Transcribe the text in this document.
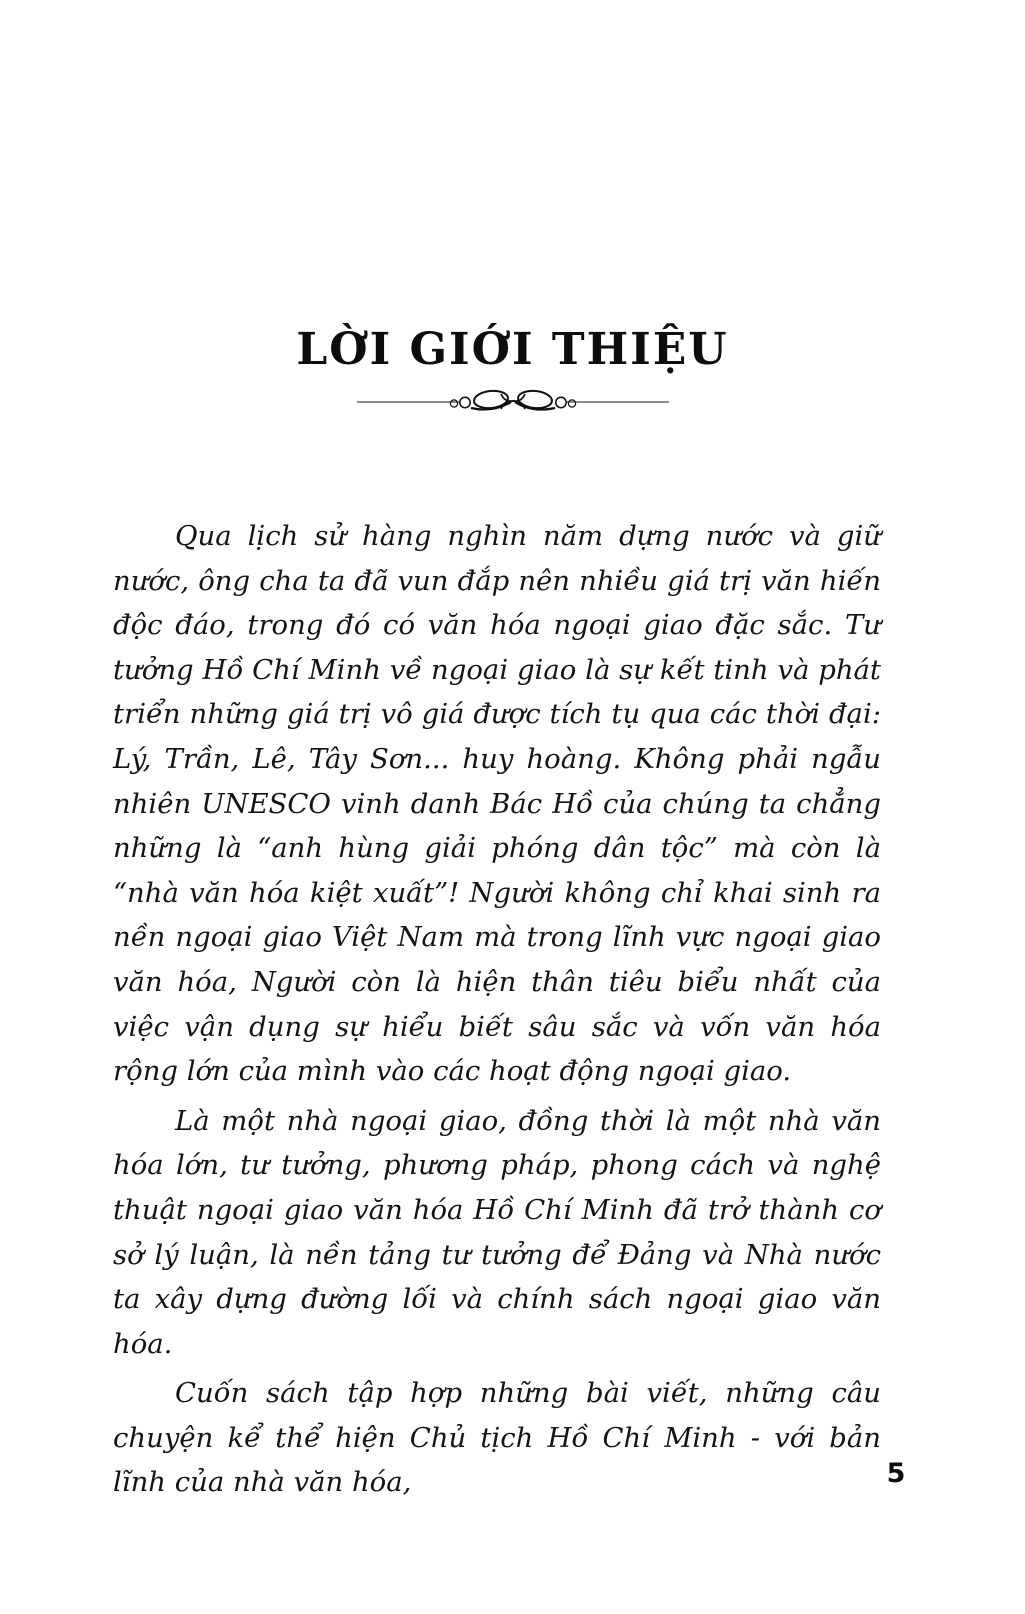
LỜI GIỚI THIỆU

Qua lịch sử hàng nghìn năm dựng nước và giữ nước, ông cha ta đã vun đắp nên nhiều giá trị văn hiến độc đáo, trong đó có văn hóa ngoại giao đặc sắc. Tư tưởng Hồ Chí Minh về ngoại giao là sự kết tinh và phát triển những giá trị vô giá được tích tụ qua các thời đại: Lý, Trần, Lê, Tây Sơn... huy hoàng. Không phải ngẫu nhiên UNESCO vinh danh Bác Hồ của chúng ta chẳng những là “anh hùng giải phóng dân tộc” mà còn là “nhà văn hóa kiệt xuất”! Người không chỉ khai sinh ra nền ngoại giao Việt Nam mà trong lĩnh vực ngoại giao văn hóa, Người còn là hiện thân tiêu biểu nhất của việc vận dụng sự hiểu biết sâu sắc và vốn văn hóa rộng lớn của mình vào các hoạt động ngoại giao.

Là một nhà ngoại giao, đồng thời là một nhà văn hóa lớn, tư tưởng, phương pháp, phong cách và nghệ thuật ngoại giao văn hóa Hồ Chí Minh đã trở thành cơ sở lý luận, là nền tảng tư tưởng để Đảng và Nhà nước ta xây dựng đường lối và chính sách ngoại giao văn hóa.

Cuốn sách tập hợp những bài viết, những câu chuyện kể thể hiện Chủ tịch Hồ Chí Minh - với bản lĩnh của nhà văn hóa,	5
